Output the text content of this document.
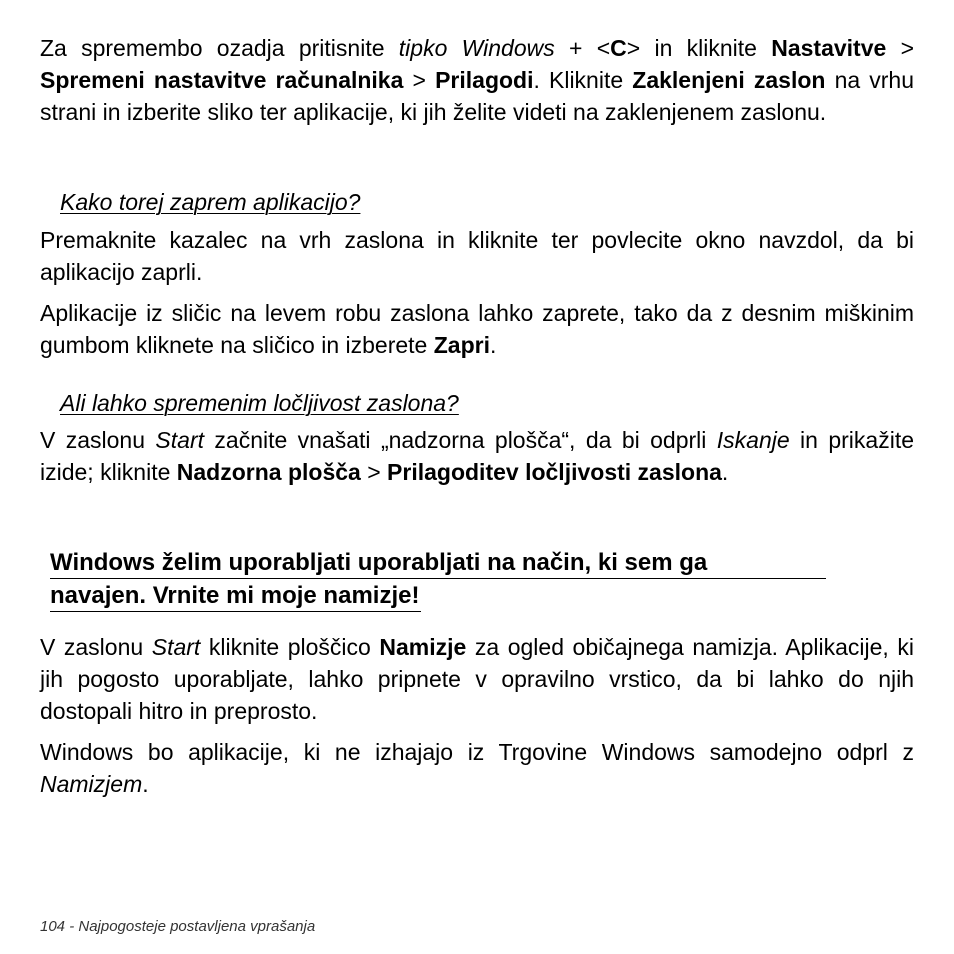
Za spremembo ozadja pritisnite tipko Windows + <C> in kliknite Nastavitve > Spremeni nastavitve računalnika > Prilagodi. Kliknite Zaklenjeni zaslon na vrhu strani in izberite sliko ter aplikacije, ki jih želite videti na zaklenjenem zaslonu.

Kako torej zaprem aplikacijo?

Premaknite kazalec na vrh zaslona in kliknite ter povlecite okno navzdol, da bi aplikacijo zaprli.

Aplikacije iz sličic na levem robu zaslona lahko zaprete, tako da z desnim miškinim gumbom kliknete na sličico in izberete Zapri.

Ali lahko spremenim ločljivost zaslona?

V zaslonu Start začnite vnašati „nadzorna plošča“, da bi odprli Iskanje in prikažite izide; kliknite Nadzorna plošča > Prilagoditev ločljivosti zaslona.

Windows želim uporabljati uporabljati na način, ki sem ga
navajen. Vrnite mi moje namizje!

V zaslonu Start kliknite ploščico Namizje za ogled običajnega namizja. Aplikacije, ki jih pogosto uporabljate, lahko pripnete v opravilno vrstico, da bi lahko do njih dostopali hitro in preprosto.

Windows bo aplikacije, ki ne izhajajo iz Trgovine Windows samodejno odprl z Namizjem.

104 - Najpogosteje postavljena vprašanja
